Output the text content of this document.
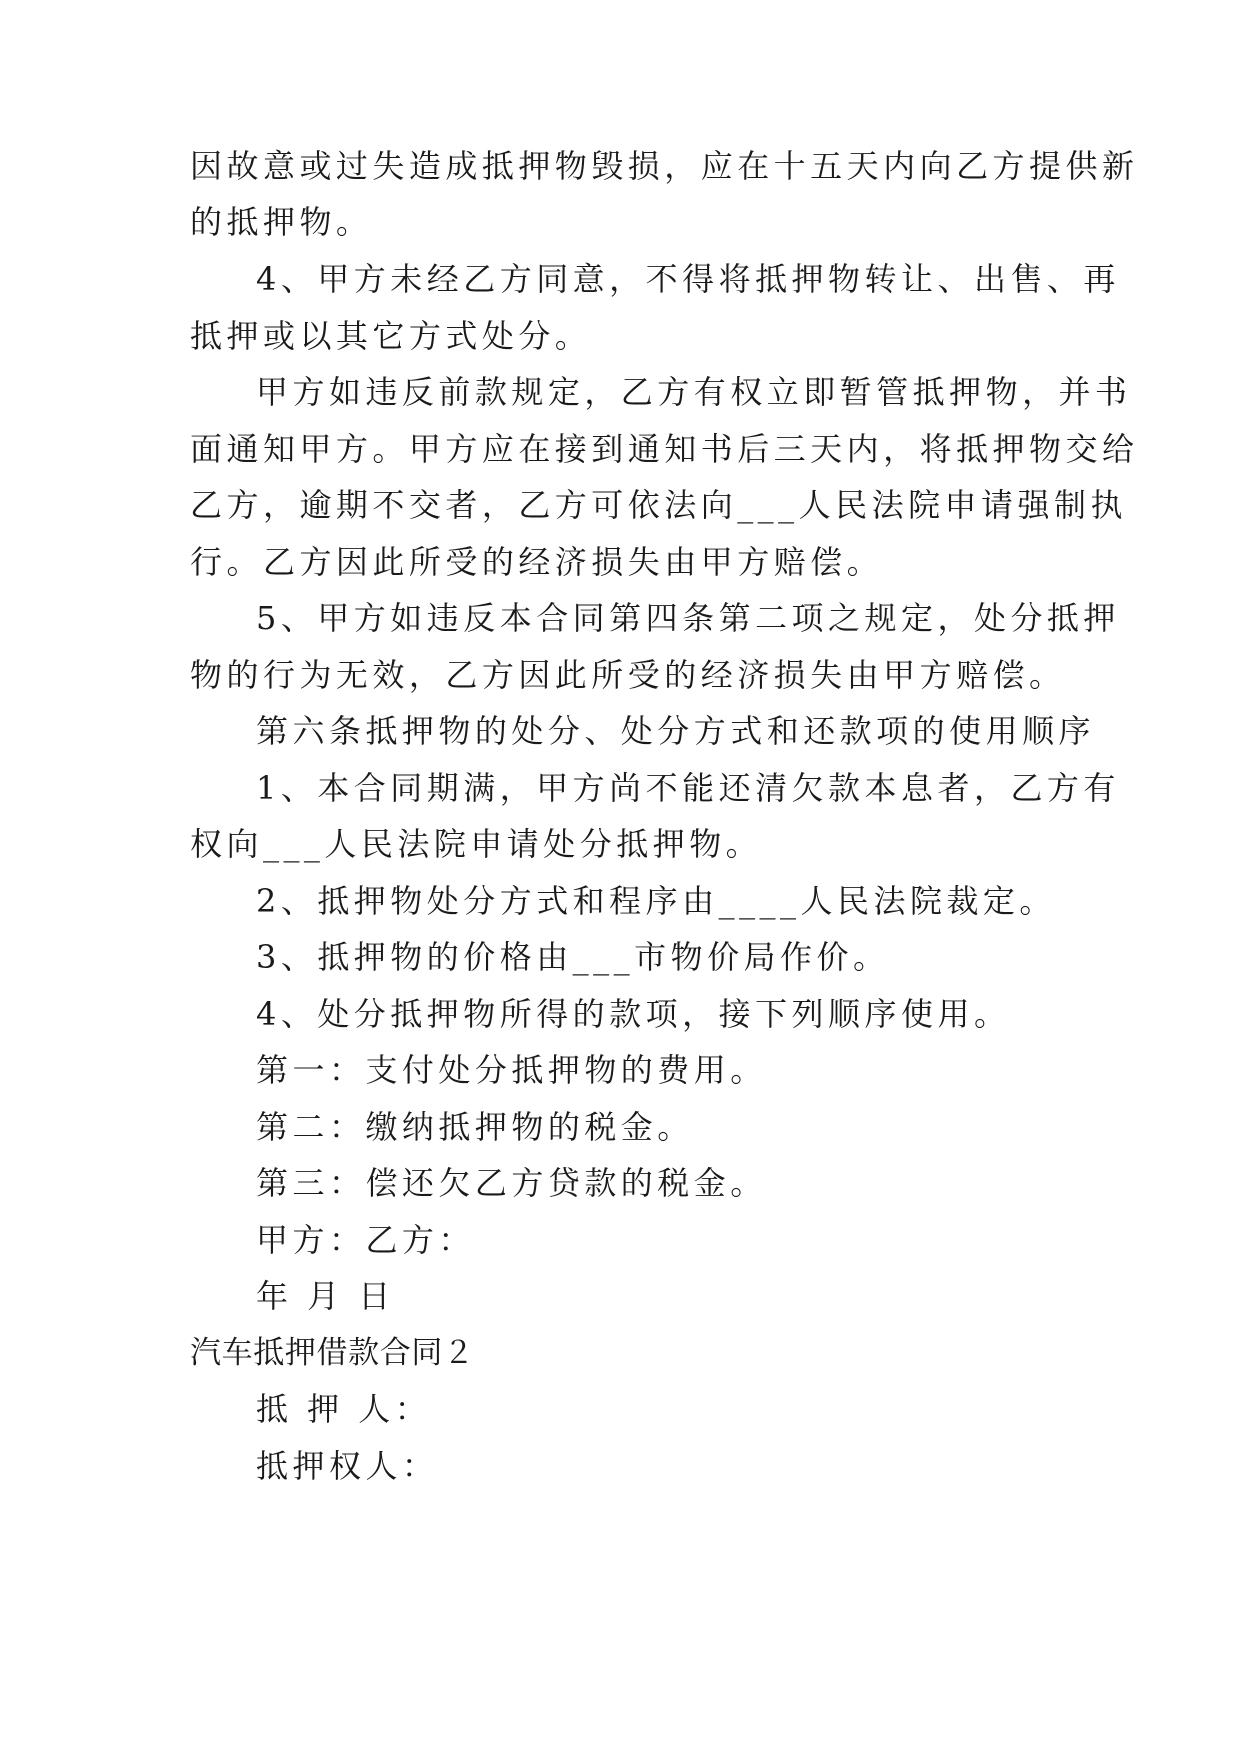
因故意或过失造成抵押物毁损，应在十五天内向乙方提供新
的抵押物。
4、甲方未经乙方同意，不得将抵押物转让、出售、再
抵押或以其它方式处分。
甲方如违反前款规定，乙方有权立即暂管抵押物，并书
面通知甲方。甲方应在接到通知书后三天内，将抵押物交给
乙方，逾期不交者，乙方可依法向___人民法院申请强制执
行。乙方因此所受的经济损失由甲方赔偿。
5、甲方如违反本合同第四条第二项之规定，处分抵押
物的行为无效，乙方因此所受的经济损失由甲方赔偿。
第六条抵押物的处分、处分方式和还款项的使用顺序
1、本合同期满，甲方尚不能还清欠款本息者，乙方有
权向___人民法院申请处分抵押物。
2、抵押物处分方式和程序由____人民法院裁定。
3、抵押物的价格由___市物价局作价。
4、处分抵押物所得的款项，接下列顺序使用。
第一：支付处分抵押物的费用。
第二：缴纳抵押物的税金。
第三：偿还欠乙方贷款的税金。
甲方：乙方：
年 月 日
汽车抵押借款合同２
抵 押 人：
抵押权人：
